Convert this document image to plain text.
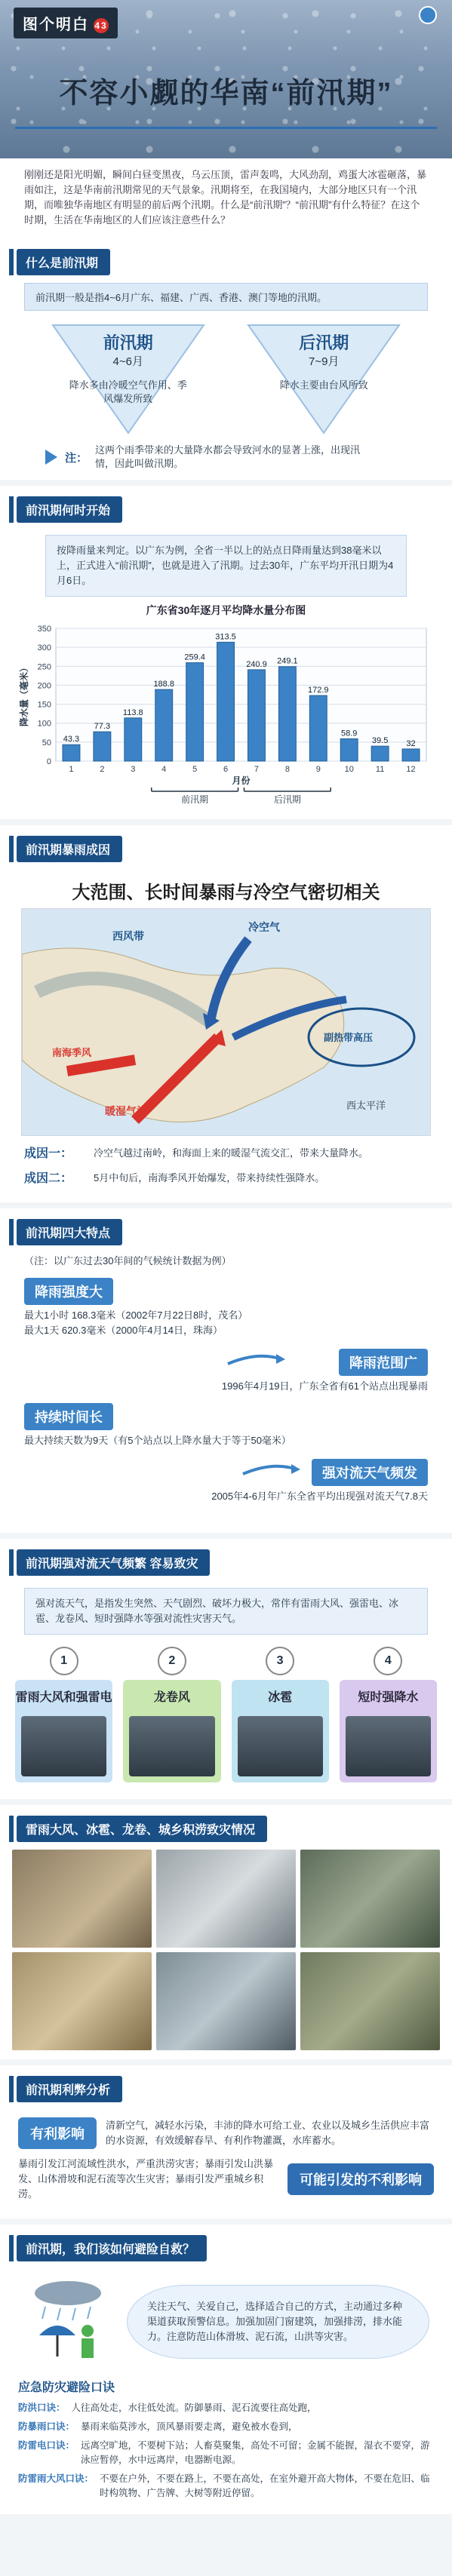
图个明白 43
不容小觑的华南“前汛期”
刚刚还是阳光明媚，瞬间白昼变黑夜，乌云压顶，雷声轰鸣，大风劲刮，鸡蛋大冰雹砸落，暴雨如注，这是华南前汛期常见的天气景象。汛期将至，在我国境内，大部分地区只有一个汛期，而唯独华南地区有明显的前后两个汛期。什么是“前汛期”？“前汛期”有什么特征？在这个时期，生活在华南地区的人们应该注意些什么？
什么是前汛期
前汛期一般是指4~6月广东、福建、广西、香港、澳门等地的汛期。
前汛期
4~6月
降水多由冷暖空气作用、季风爆发所致
后汛期
7~9月
降水主要由台风所致
注：
这两个雨季带来的大量降水都会导致河水的显著上涨，出现汛情，因此叫做汛期。
前汛期何时开始
按降雨量来判定。以广东为例，全省一半以上的站点日降雨量达到38毫米以上，正式进入“前汛期”，也就是进入了汛期。过去30年，广东平均开汛日期为4月6日。
广东省30年逐月平均降水量分布图
0
50
100
150
200
250
300
350
43.3
1
77.3
2
113.8
3
188.8
4
259.4
5
313.5
6
240.9
7
249.1
8
172.9
9
58.9
10
39.5
11
32
12
月份
降水量（毫米）
前汛期	后汛期
前汛期暴雨成因
大范围、长时间暴雨与冷空气密切相关
西风带
冷空气
暖湿气流
副热带高压
南海季风
西太平洋
成因一：	冷空气越过南岭，和海面上来的暖湿气流交汇，带来大量降水。
成因二：	5月中旬后，南海季风开始爆发，带来持续性强降水。
前汛期四大特点
（注：以广东过去30年间的气候统计数据为例）
降雨强度大
最大1小时 168.3毫米（2002年7月22日8时，茂名）
最大1天 620.3毫米（2000年4月14日，珠海）
降雨范围广
1996年4月19日，广东全省有61个站点出现暴雨
持续时间长
最大持续天数为9天（有5个站点以上降水量大于等于50毫米）
强对流天气频发
2005年4-6月年广东全省平均出现强对流天气7.8天
前汛期强对流天气频繁 容易致灾
强对流天气，是指发生突然、天气剧烈、破坏力极大，常伴有雷雨大风、强雷电、冰雹、龙卷风、短时强降水等强对流性灾害天气。
1
雷雨大风和强雷电
2
龙卷风
3
冰雹
4
短时强降水
雷雨大风、冰雹、龙卷、城乡积涝致灾情况
前汛期利弊分析
有利影响
清新空气，减轻水污染，丰沛的降水可给工业、农业以及城乡生活供应丰富的水资源，有效缓解春旱、有利作物灌溉，水库蓄水。
暴雨引发江河流域性洪水，严重洪涝灾害；暴雨引发山洪暴发、山体滑坡和泥石流等次生灾害；暴雨引发严重城乡积涝。
可能引发的不利影响
前汛期，我们该如何避险自救？
关注天气、关爱自己，选择适合自己的方式，主动通过多种渠道获取预警信息。加强加固门窗建筑，加强排涝，排水能力。注意防范山体滑坡、泥石流，山洪等灾害。
应急防灾避险口诀
防洪口诀： 人往高处走，水往低处流。防御暴雨、泥石流要往高处跑，
防暴雨口诀： 暴雨来临莫涉水，顶风暴雨要走离，避免被水卷到，
防雷电口诀： 远离空旷地，不要树下站；人畜莫聚集，高处不可留；金属不能握，湿衣不要穿，游泳应暂停，水中远离岸，电器断电源。
防雷雨大风口诀： 不要在户外，不要在路上，不要在高处，在室外避开高大物体，不要在危旧、临时构筑物、广告牌、大树等附近停留。
